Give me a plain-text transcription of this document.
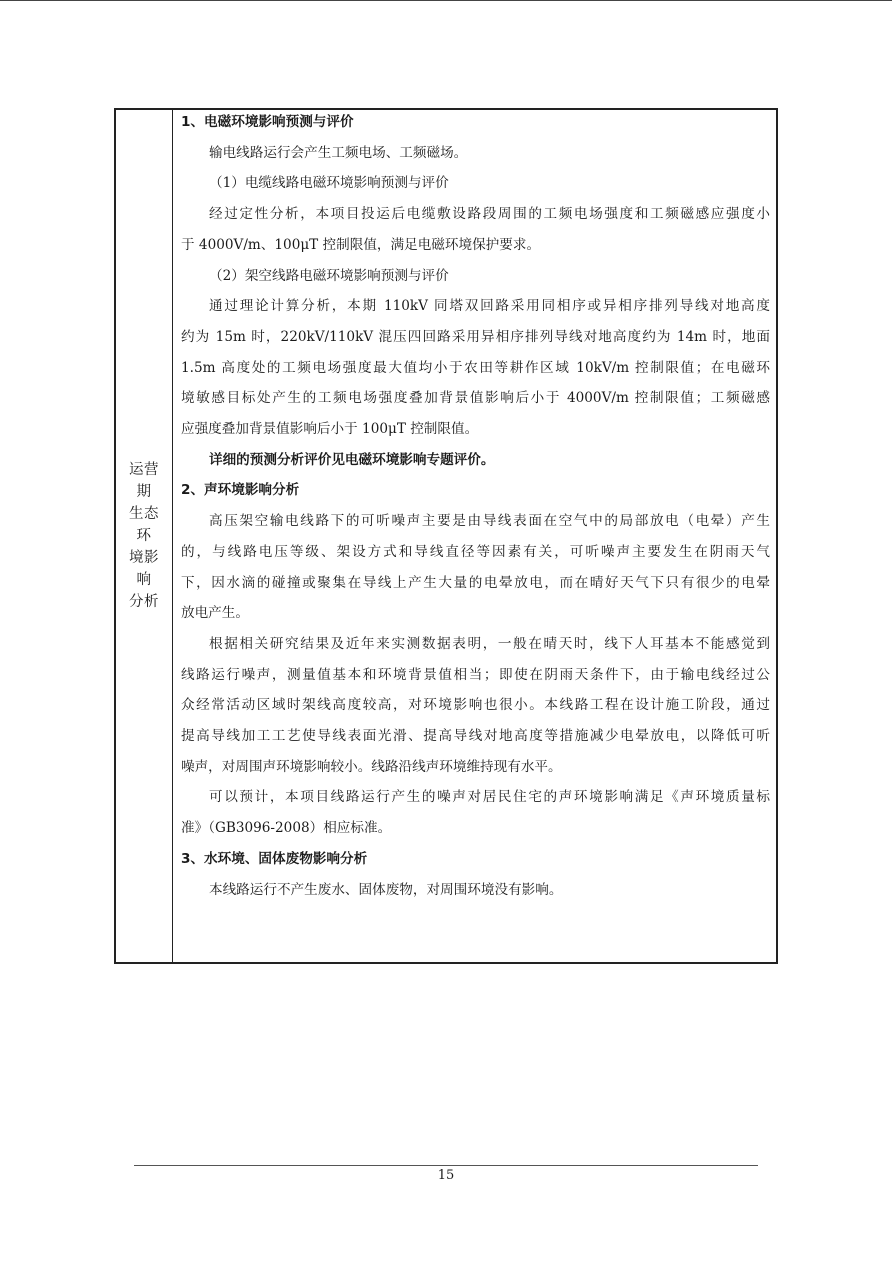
运营期
生态环
境影响
分析
1、电磁环境影响预测与评价
输电线路运行会产生工频电场、工频磁场。
（1）电缆线路电磁环境影响预测与评价
经过定性分析，本项目投运后电缆敷设路段周围的工频电场强度和工频磁感应强度小
于 4000V/m、100μT 控制限值，满足电磁环境保护要求。
（2）架空线路电磁环境影响预测与评价
通过理论计算分析，本期 110kV 同塔双回路采用同相序或异相序排列导线对地高度
约为 15m 时，220kV/110kV 混压四回路采用异相序排列导线对地高度约为 14m 时，地面
1.5m 高度处的工频电场强度最大值均小于农田等耕作区域 10kV/m 控制限值；在电磁环
境敏感目标处产生的工频电场强度叠加背景值影响后小于 4000V/m 控制限值；工频磁感
应强度叠加背景值影响后小于 100μT 控制限值。
详细的预测分析评价见电磁环境影响专题评价。
2、声环境影响分析
高压架空输电线路下的可听噪声主要是由导线表面在空气中的局部放电（电晕）产生
的，与线路电压等级、架设方式和导线直径等因素有关，可听噪声主要发生在阴雨天气
下，因水滴的碰撞或聚集在导线上产生大量的电晕放电，而在晴好天气下只有很少的电晕
放电产生。
根据相关研究结果及近年来实测数据表明，一般在晴天时，线下人耳基本不能感觉到
线路运行噪声，测量值基本和环境背景值相当；即使在阴雨天条件下，由于输电线经过公
众经常活动区域时架线高度较高，对环境影响也很小。本线路工程在设计施工阶段，通过
提高导线加工工艺使导线表面光滑、提高导线对地高度等措施减少电晕放电，以降低可听
噪声，对周围声环境影响较小。线路沿线声环境维持现有水平。
可以预计，本项目线路运行产生的噪声对居民住宅的声环境影响满足《声环境质量标
准》（GB3096-2008）相应标准。
3、水环境、固体废物影响分析
本线路运行不产生废水、固体废物，对周围环境没有影响。
15
